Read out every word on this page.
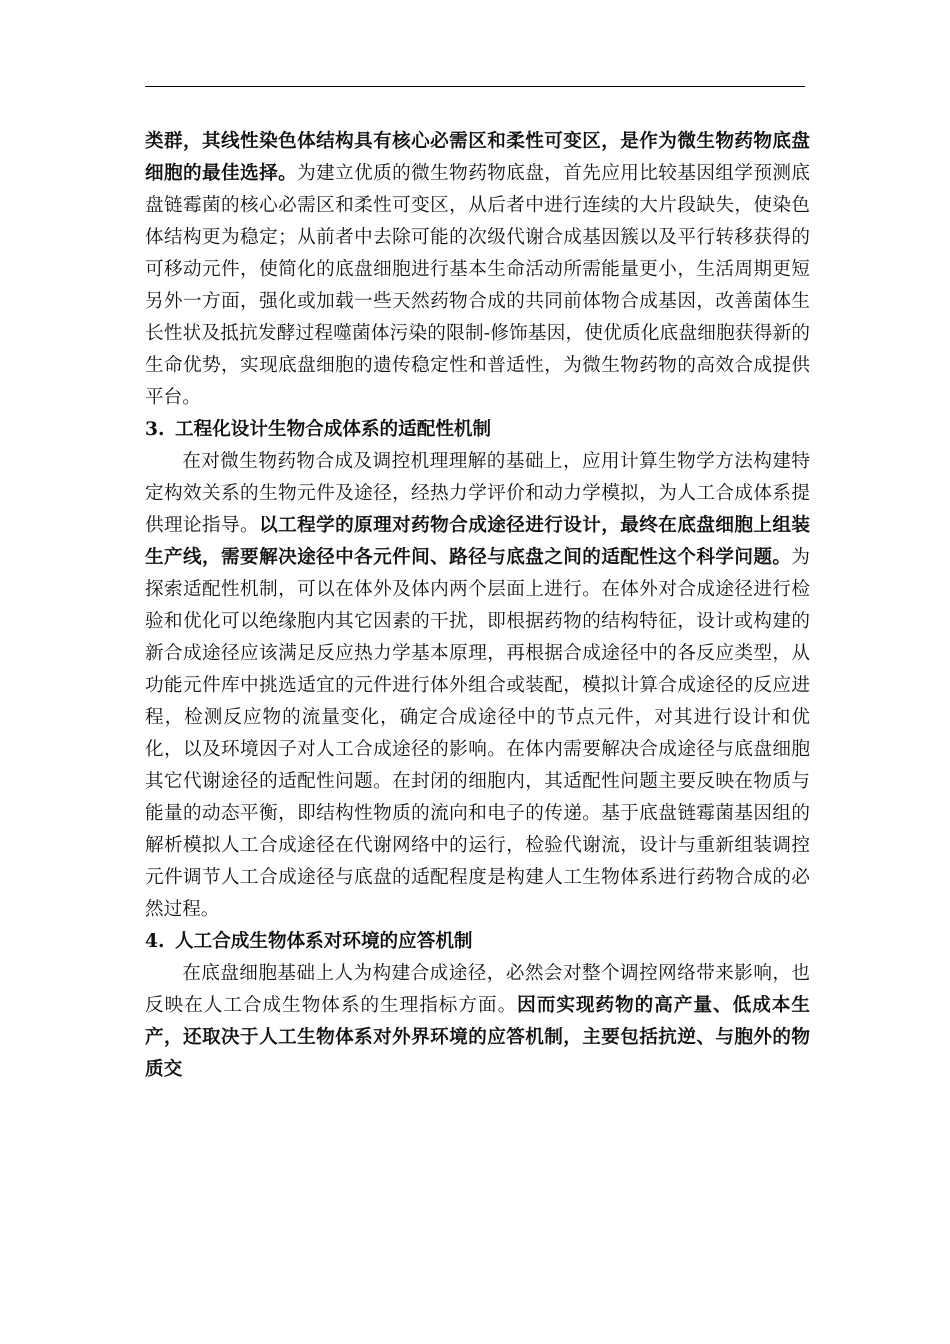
类群，其线性染色体结构具有核心必需区和柔性可变区，是作为微生物药物底盘细胞的最佳选择。为建立优质的微生物药物底盘，首先应用比较基因组学预测底盘链霉菌的核心必需区和柔性可变区，从后者中进行连续的大片段缺失，使染色体结构更为稳定；从前者中去除可能的次级代谢合成基因簇以及平行转移获得的可移动元件，使简化的底盘细胞进行基本生命活动所需能量更小，生活周期更短另外一方面，强化或加载一些天然药物合成的共同前体物合成基因，改善菌体生长性状及抵抗发酵过程噬菌体污染的限制-修饰基因，使优质化底盘细胞获得新的生命优势，实现底盘细胞的遗传稳定性和普适性，为微生物药物的高效合成提供平台。

3. 工程化设计生物合成体系的适配性机制

在对微生物药物合成及调控机理理解的基础上，应用计算生物学方法构建特定构效关系的生物元件及途径，经热力学评价和动力学模拟，为人工合成体系提供理论指导。以工程学的原理对药物合成途径进行设计，最终在底盘细胞上组装生产线，需要解决途径中各元件间、路径与底盘之间的适配性这个科学问题。为探索适配性机制，可以在体外及体内两个层面上进行。在体外对合成途径进行检验和优化可以绝缘胞内其它因素的干扰，即根据药物的结构特征，设计或构建的新合成途径应该满足反应热力学基本原理，再根据合成途径中的各反应类型，从功能元件库中挑选适宜的元件进行体外组合或装配，模拟计算合成途径的反应进程，检测反应物的流量变化，确定合成途径中的节点元件，对其进行设计和优化，以及环境因子对人工合成途径的影响。在体内需要解决合成途径与底盘细胞其它代谢途径的适配性问题。在封闭的细胞内，其适配性问题主要反映在物质与能量的动态平衡，即结构性物质的流向和电子的传递。基于底盘链霉菌基因组的解析模拟人工合成途径在代谢网络中的运行，检验代谢流，设计与重新组装调控元件调节人工合成途径与底盘的适配程度是构建人工生物体系进行药物合成的必然过程。

4. 人工合成生物体系对环境的应答机制

在底盘细胞基础上人为构建合成途径，必然会对整个调控网络带来影响，也反映在人工合成生物体系的生理指标方面。因而实现药物的高产量、低成本生产，还取决于人工生物体系对外界环境的应答机制，主要包括抗逆、与胞外的物质交
